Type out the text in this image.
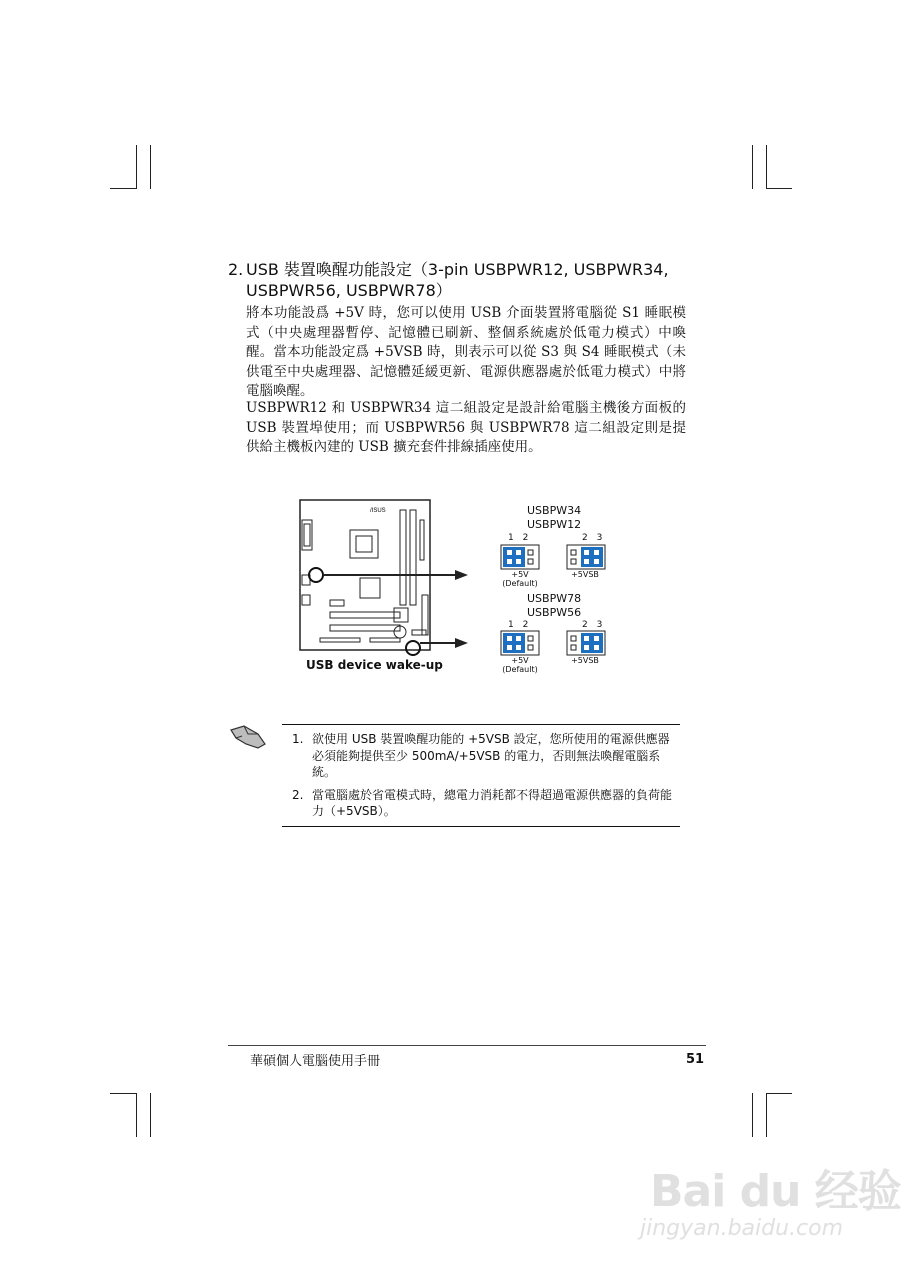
2. USB 裝置喚醒功能設定（3-pin USBPWR12, USBPWR34, USBPWR56, USBPWR78）
將本功能設爲 +5V 時，您可以使用 USB 介面裝置將電腦從 S1 睡眠模式（中央處理器暫停、記憶體已刷新、整個系統處於低電力模式）中喚醒。當本功能設定爲 +5VSB 時，則表示可以從 S3 與 S4 睡眠模式（未供電至中央處理器、記憶體延緩更新、電源供應器處於低電力模式）中將電腦喚醒。
USBPWR12 和 USBPWR34 這二組設定是設計給電腦主機後方面板的 USB 裝置埠使用；而 USBPWR56 與 USBPWR78 這二組設定則是提供給主機板內建的 USB 擴充套件排線插座使用。
/ISUS
USB device wake-up
USBPW34
USBPW12
1 2	2 3
+5V
(Default)
+5VSB
USBPW78
USBPW56
1 2	2 3
+5V
(Default)
+5VSB
1. 欲使用 USB 裝置喚醒功能的 +5VSB 設定，您所使用的電源供應器必須能夠提供至少 500mA/+5VSB 的電力，否則無法喚醒電腦系統。
2. 當電腦處於省電模式時，總電力消耗都不得超過電源供應器的負荷能力（+5VSB）。
華碩個人電腦使用手冊	51
Bai du 经验
jingyan.baidu.com
